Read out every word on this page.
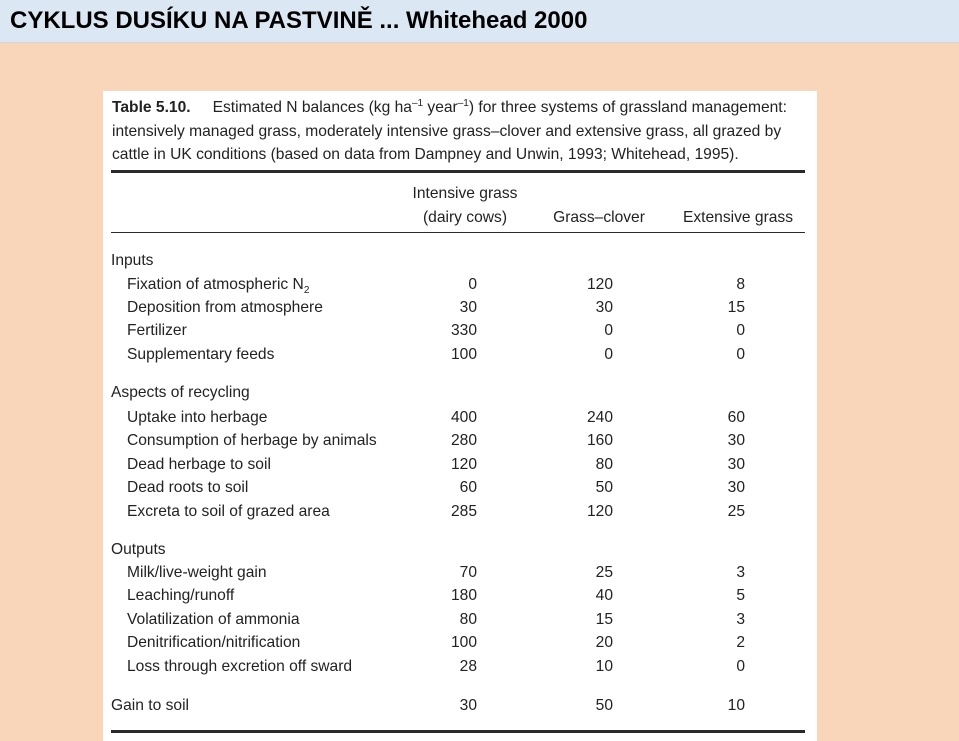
CYKLUS DUSÍKU NA PASTVINĚ ... Whitehead 2000
Table 5.10. Estimated N balances (kg $ha^{-1}$ year$^{-1}$) for three systems of grassland management: intensively managed grass, moderately intensive grass–clover and extensive grass, all grazed by cattle in UK conditions (based on data from Dampney and Unwin, 1993; Whitehead, 1995).
Intensive grass
(dairy cows)	Grass–clover	Extensive grass
Inputs
Fixation of atmospheric $N_2$	0	120	8
Deposition from atmosphere	30	30	15
Fertilizer	330	0	0
Supplementary feeds	100	0	0
Aspects of recycling
Uptake into herbage	400	240	60
Consumption of herbage by animals	280	160	30
Dead herbage to soil	120	80	30
Dead roots to soil	60	50	30
Excreta to soil of grazed area	285	120	25
Outputs
Milk/live-weight gain	70	25	3
Leaching/runoff	180	40	5
Volatilization of ammonia	80	15	3
Denitrification/nitrification	100	20	2
Loss through excretion off sward	28	10	0
Gain to soil	30	50	10
